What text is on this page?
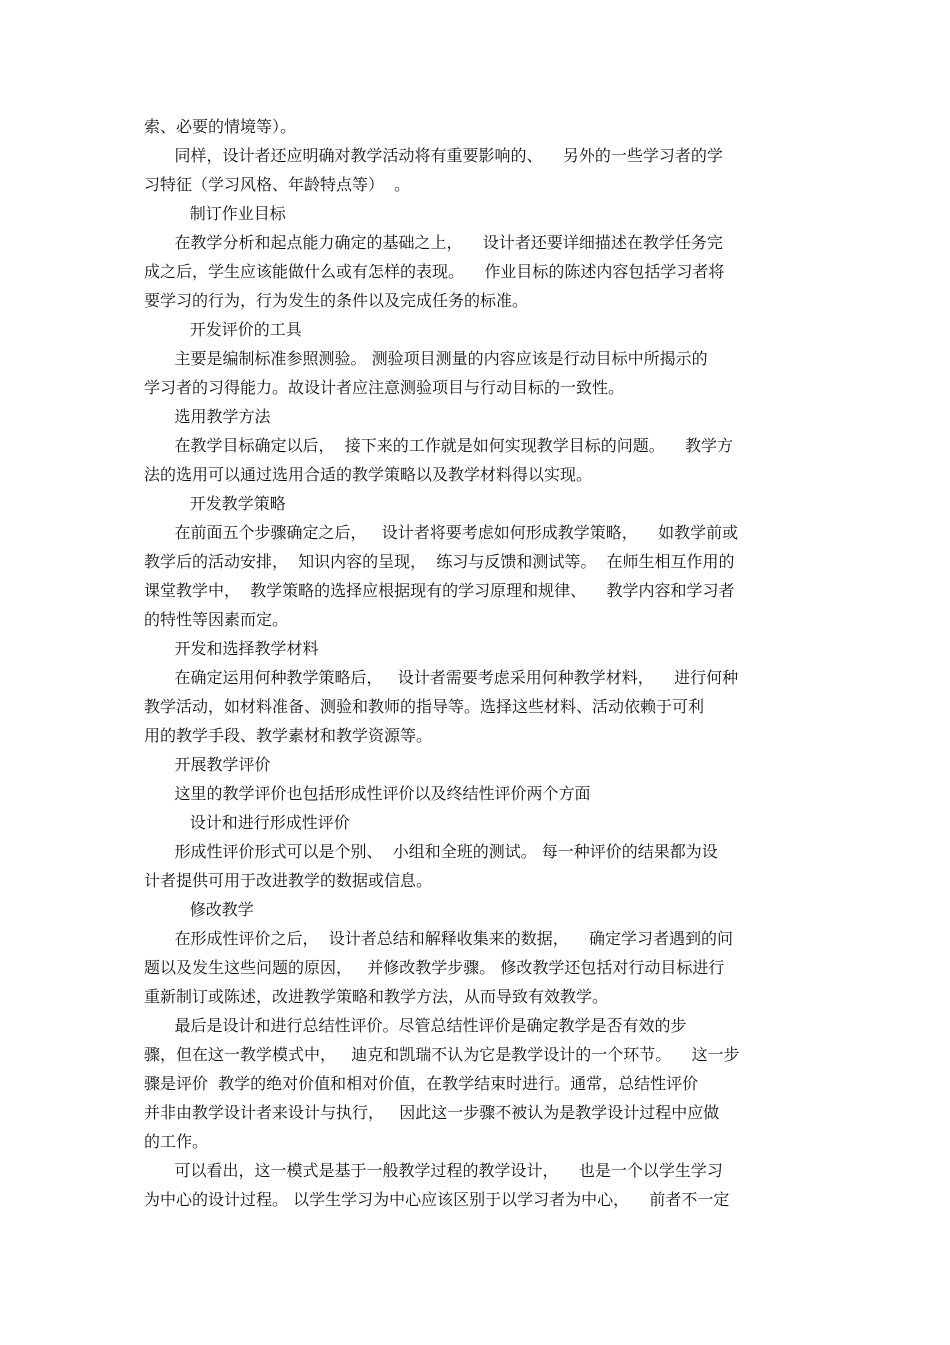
索、必要的情境等）。
同样，设计者还应明确对教学活动将有重要影响的、    另外的一些学习者的学
习特征（学习风格、年龄特点等）  。
制订作业目标
在教学分析和起点能力确定的基础之上，    设计者还要详细描述在教学任务完
成之后，学生应该能做什么或有怎样的表现。    作业目标的陈述内容包括学习者将
要学习的行为，行为发生的条件以及完成任务的标准。
开发评价的工具
主要是编制标准参照测验。 测验项目测量的内容应该是行动目标中所揭示的
学习者的习得能力。故设计者应注意测验项目与行动目标的一致性。
选用教学方法
在教学目标确定以后，  接下来的工作就是如何实现教学目标的问题。    教学方
法的选用可以通过选用合适的教学策略以及教学材料得以实现。
开发教学策略
在前面五个步骤确定之后，   设计者将要考虑如何形成教学策略，    如教学前或
教学后的活动安排，  知识内容的呈现，  练习与反馈和测试等。  在师生相互作用的
课堂教学中，  教学策略的选择应根据现有的学习原理和规律、    教学内容和学习者
的特性等因素而定。
开发和选择教学材料
在确定运用何种教学策略后，   设计者需要考虑采用何种教学材料，    进行何种
教学活动，如材料准备、测验和教师的指导等。选择这些材料、活动依赖于可利
用的教学手段、教学素材和教学资源等。
开展教学评价
这里的教学评价也包括形成性评价以及终结性评价两个方面
设计和进行形成性评价
形成性评价形式可以是个别、  小组和全班的测试。 每一种评价的结果都为设
计者提供可用于改进教学的数据或信息。
修改教学
在形成性评价之后，  设计者总结和解释收集来的数据，    确定学习者遇到的问
题以及发生这些问题的原因，   并修改教学步骤。 修改教学还包括对行动目标进行
重新制订或陈述，改进教学策略和教学方法，从而导致有效教学。
最后是设计和进行总结性评价。尽管总结性评价是确定教学是否有效的步
骤，但在这一教学模式中，   迪克和凯瑞不认为它是教学设计的一个环节。    这一步
骤是评价  教学的绝对价值和相对价值，在教学结束时进行。通常，总结性评价
并非由教学设计者来设计与执行，   因此这一步骤不被认为是教学设计过程中应做
的工作。
可以看出，这一模式是基于一般教学过程的教学设计，    也是一个以学生学习
为中心的设计过程。 以学生学习为中心应该区别于以学习者为中心，    前者不一定
